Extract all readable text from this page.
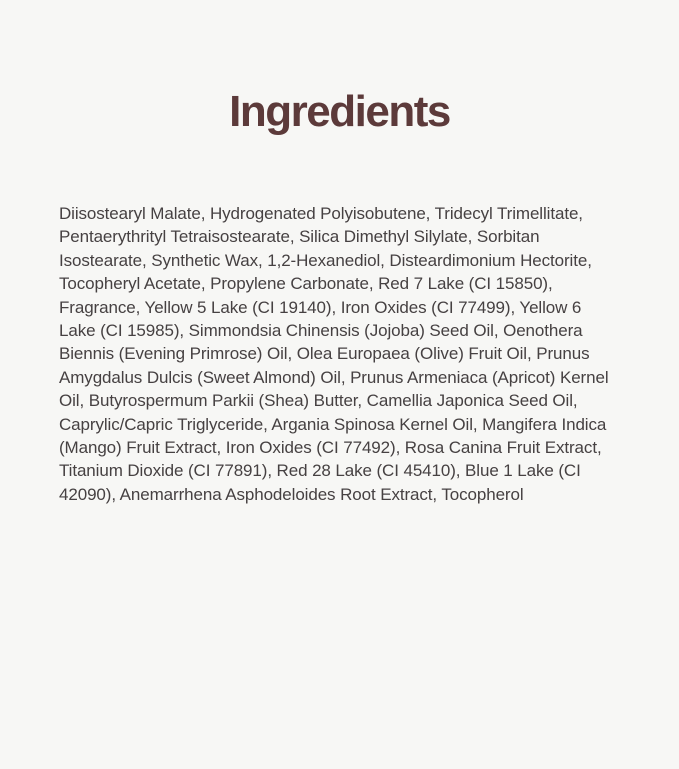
Ingredients

Diisostearyl Malate, Hydrogenated Polyisobutene, Tridecyl Trimellitate, Pentaerythrityl Tetraisostearate, Silica Dimethyl Silylate, Sorbitan Isostearate, Synthetic Wax, 1,2-Hexanediol, Disteardimonium Hectorite, Tocopheryl Acetate, Propylene Carbonate, Red 7 Lake (CI 15850), Fragrance, Yellow 5 Lake (CI 19140), Iron Oxides (CI 77499), Yellow 6 Lake (CI 15985), Simmondsia Chinensis (Jojoba) Seed Oil, Oenothera Biennis (Evening Primrose) Oil, Olea Europaea (Olive) Fruit Oil, Prunus Amygdalus Dulcis (Sweet Almond) Oil, Prunus Armeniaca (Apricot) Kernel Oil, Butyrospermum Parkii (Shea) Butter, Camellia Japonica Seed Oil, Caprylic/Capric Triglyceride, Argania Spinosa Kernel Oil, Mangifera Indica (Mango) Fruit Extract, Iron Oxides (CI 77492), Rosa Canina Fruit Extract, Titanium Dioxide (CI 77891), Red 28 Lake (CI 45410), Blue 1 Lake (CI 42090), Anemarrhena Asphodeloides Root Extract, Tocopherol
